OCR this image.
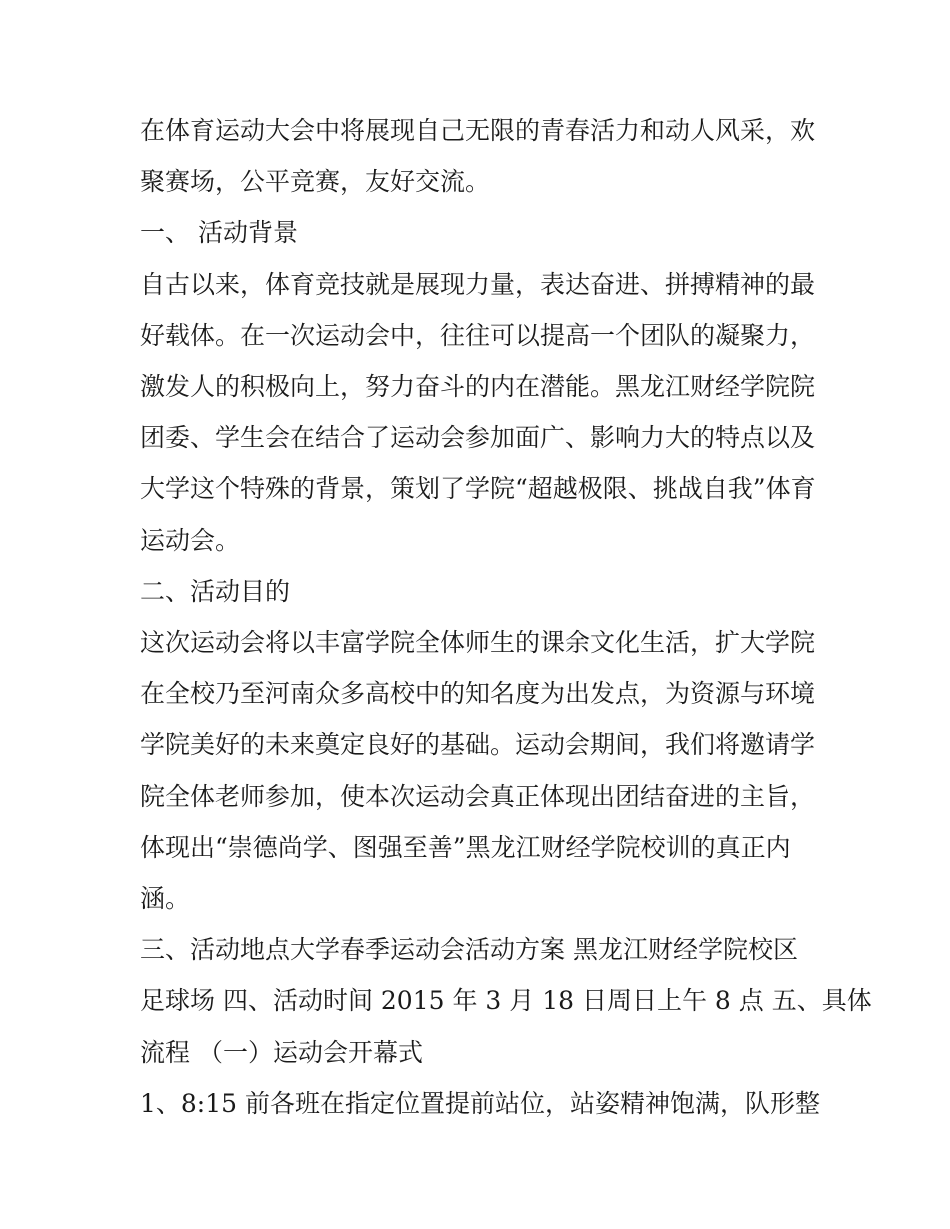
在体育运动大会中将展现自己无限的青春活力和动人风采，欢

聚赛场，公平竞赛，友好交流。

一、 活动背景

自古以来，体育竞技就是展现力量，表达奋进、拼搏精神的最

好载体。在一次运动会中，往往可以提高一个团队的凝聚力，

激发人的积极向上，努力奋斗的内在潜能。黑龙江财经学院院

团委、学生会在结合了运动会参加面广、影响力大的特点以及

大学这个特殊的背景，策划了学院“超越极限、挑战自我”体育

运动会。

二、活动目的

这次运动会将以丰富学院全体师生的课余文化生活，扩大学院

在全校乃至河南众多高校中的知名度为出发点，为资源与环境

学院美好的未来奠定良好的基础。运动会期间，我们将邀请学

院全体老师参加，使本次运动会真正体现出团结奋进的主旨，

体现出“崇德尚学、图强至善”黑龙江财经学院校训的真正内

涵。

三、活动地点大学春季运动会活动方案 黑龙江财经学院校区

足球场 四、活动时间 2015 年 3 月 18 日周日上午 8 点 五、具体

流程 （一）运动会开幕式

1、8:15 前各班在指定位置提前站位，站姿精神饱满，队形整
